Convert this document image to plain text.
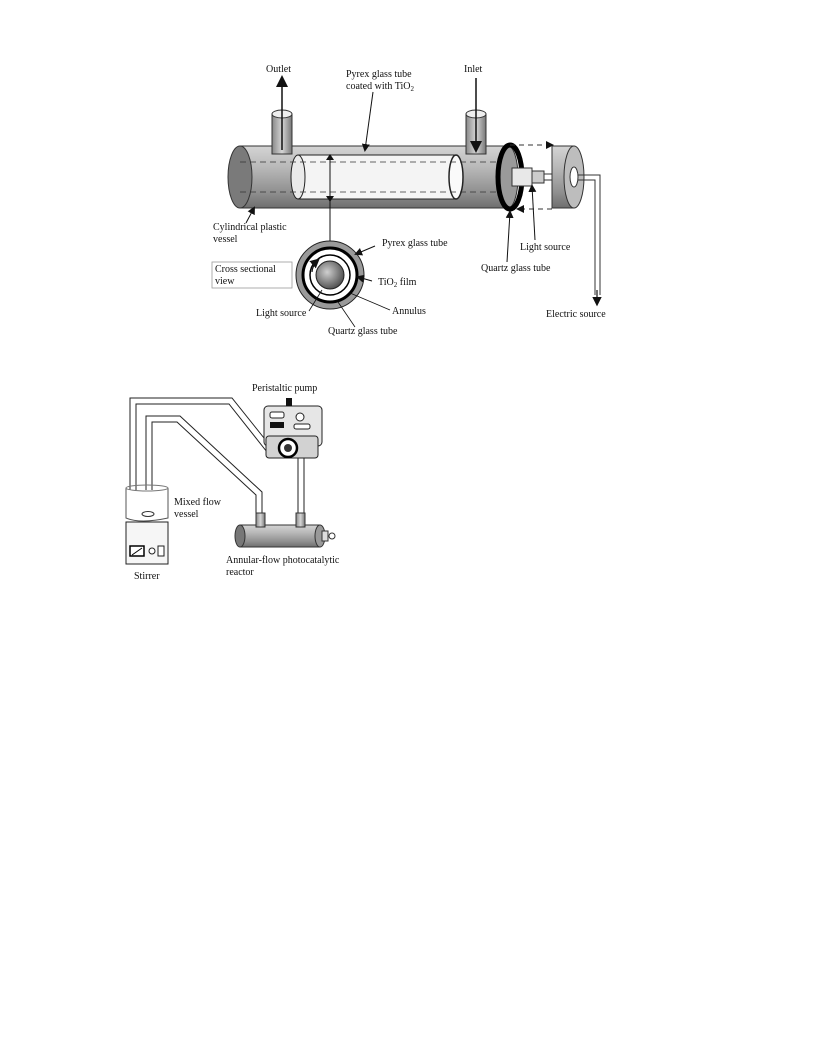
Outlet	Pyrex glass tube
coated with TiO$_2$
Inlet
Cylindrical plastic
vessel
Light source
Quartz glass tube
Electric source
Cross sectional
view
Pyrex glass tube
TiO$_2$ film
Annulus
Light source
Quartz glass tube
Peristaltic pump
Mixed flow
vessel
Stirrer
Annular-flow photocatalytic
reactor
